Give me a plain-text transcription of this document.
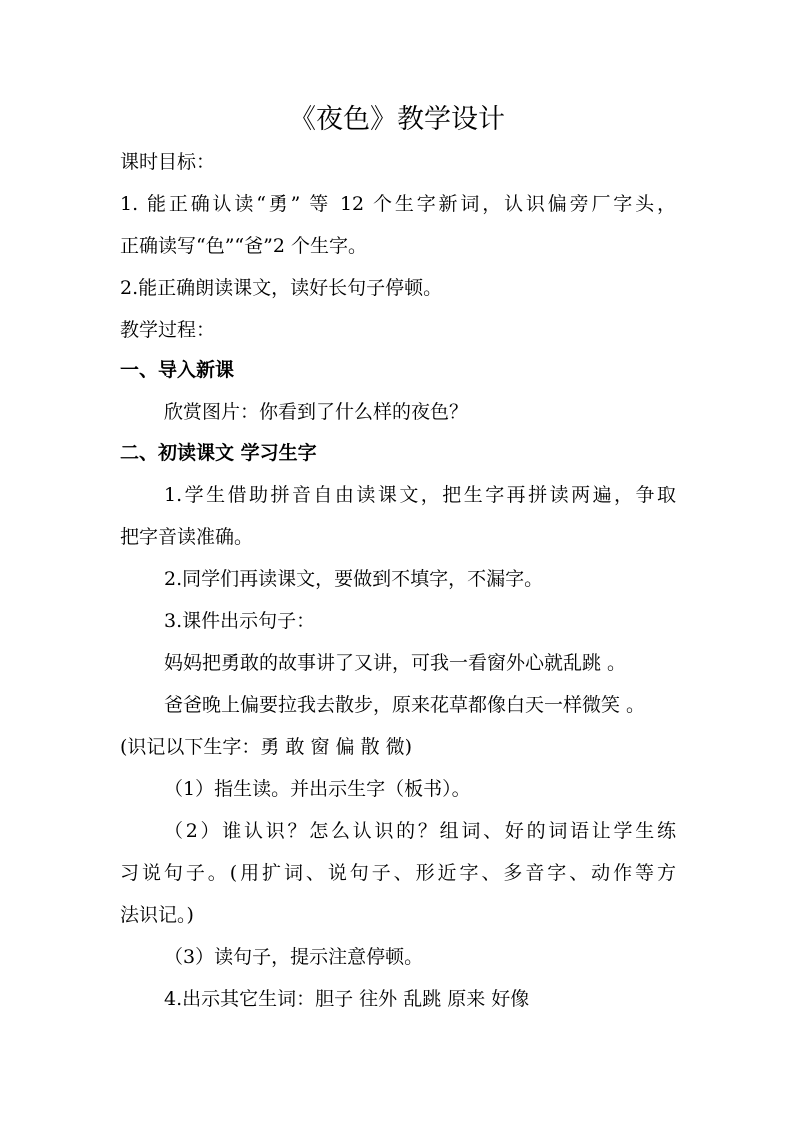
《夜色》教学设计
课时目标：
1. 能正确认读“勇” 等 12 个生字新词，认识偏旁厂字头，
正确读写“色”“爸”2 个生字。
2.能正确朗读课文，读好长句子停顿。
教学过程：
一、导入新课
欣赏图片：你看到了什么样的夜色？
二、初读课文 学习生字
1.学生借助拼音自由读课文，把生字再拼读两遍，争取
把字音读准确。
2.同学们再读课文，要做到不填字，不漏字。
3.课件出示句子：
妈妈把勇敢的故事讲了又讲，可我一看窗外心就乱跳 。
爸爸晚上偏要拉我去散步，原来花草都像白天一样微笑 。
(识记以下生字：勇 敢 窗 偏 散 微)
（1）指生读。并出示生字（板书）。
（2）谁认识？怎么认识的？组词、好的词语让学生练
习说句子。(用扩词、说句子、形近字、多音字、动作等方
法识记。)
（3）读句子，提示注意停顿。
4.出示其它生词：胆子 往外 乱跳 原来 好像
